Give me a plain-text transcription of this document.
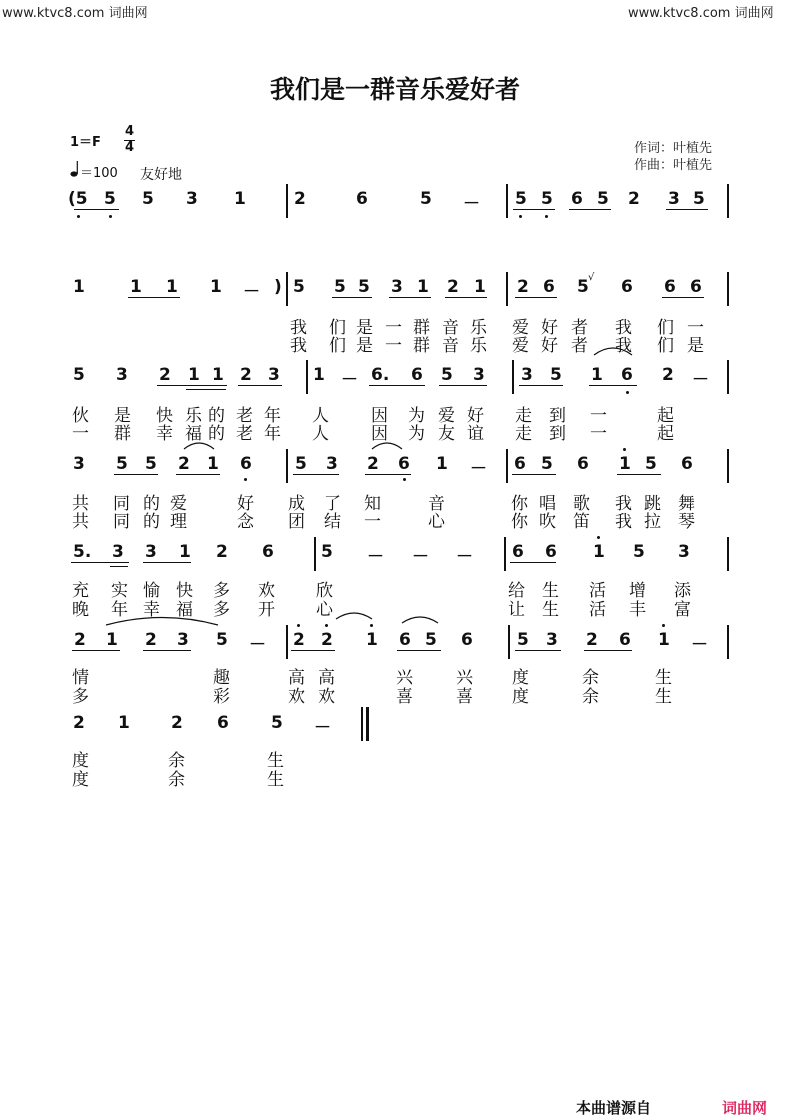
www.ktvc8.com 词曲网	www.ktvc8.com 词曲网
我们是一群音乐爱好者
1＝F
4
4
＝100 友好地
作词：叶植先
作曲：叶植先
(5 5 5 3 1	2	6	5 － 5 5 6 5 2 3 5
1	1 1 1 － ) 5 5 5 3 1 2 1 2 6 5 √ 6 6 6
我 们 是 一 群 音 乐 爱 好 者 我 们 一
我 们 是 一 群 音 乐 爱 好 者 我 们 是
5 3 2 1 1 2 3 1 － 6. 6 5 3 3 5 1 6 2 －
伙 是 快 乐 的 老 年 人 因 为 爱 好 走 到 一	起
一 群 幸 福 的 老 年 人 因 为 友 谊 走 到 一	起
3 5 5 2 1 6	5 3 2 6 1 － 6 5 6 1 5 6
共 同 的 爱	好 成 了 知	音	你 唱 歌 我 跳 舞
共 同 的 理	念 团 结 一	心	你 吹 笛 我 拉 琴
5. 3 3 1 2 6	5 － － － 6 6 1 5 3
充 实 愉 快 多 欢 欣	给 生 活 增 添
晚 年 幸 福 多 开 心	让 生 活 丰 富
2 1 2 3 5 － 2 2 1 6 5 6	5 3 2 6 1 －
情	趣	高 高	兴	兴 度	余	生
多	彩	欢 欢	喜	喜 度	余	生
2 1 2 6 5 －
度	余	生
度	余	生
本曲谱源自	词曲网
